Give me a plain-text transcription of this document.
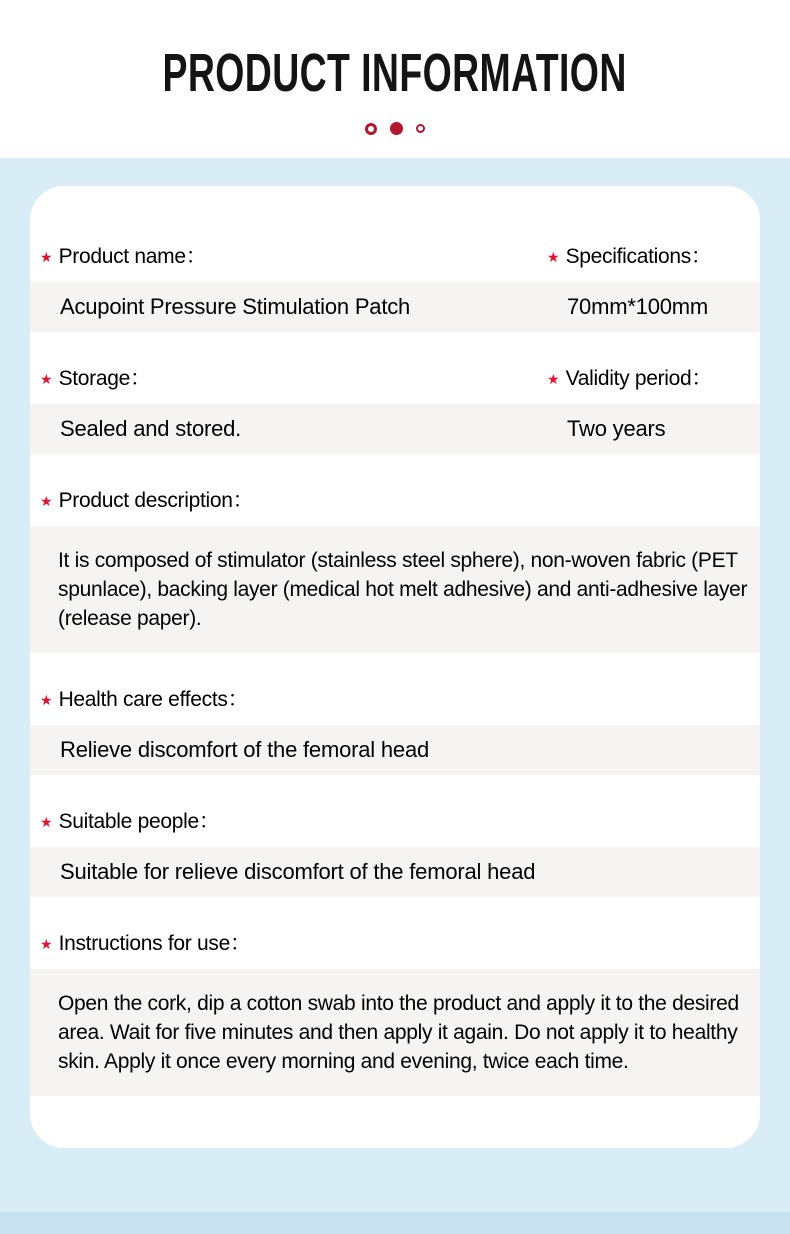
PRODUCT INFORMATION
★ Product name：	★ Specifications：
Acupoint Pressure Stimulation Patch	70mm*100mm
★ Storage：	★ Validity period：
Sealed and stored.	Two years
★ Product description：

It is composed of stimulator (stainless steel sphere), non-woven fabric (PET spunlace), backing layer (medical hot melt adhesive) and anti-adhesive layer (release paper).

★ Health care effects：
Relieve discomfort of the femoral head
★ Suitable people：
Suitable for relieve discomfort of the femoral head
★ Instructions for use：

Open the cork, dip a cotton swab into the product and apply it to the desired area. Wait for five minutes and then apply it again. Do not apply it to healthy skin. Apply it once every morning and evening, twice each time.
